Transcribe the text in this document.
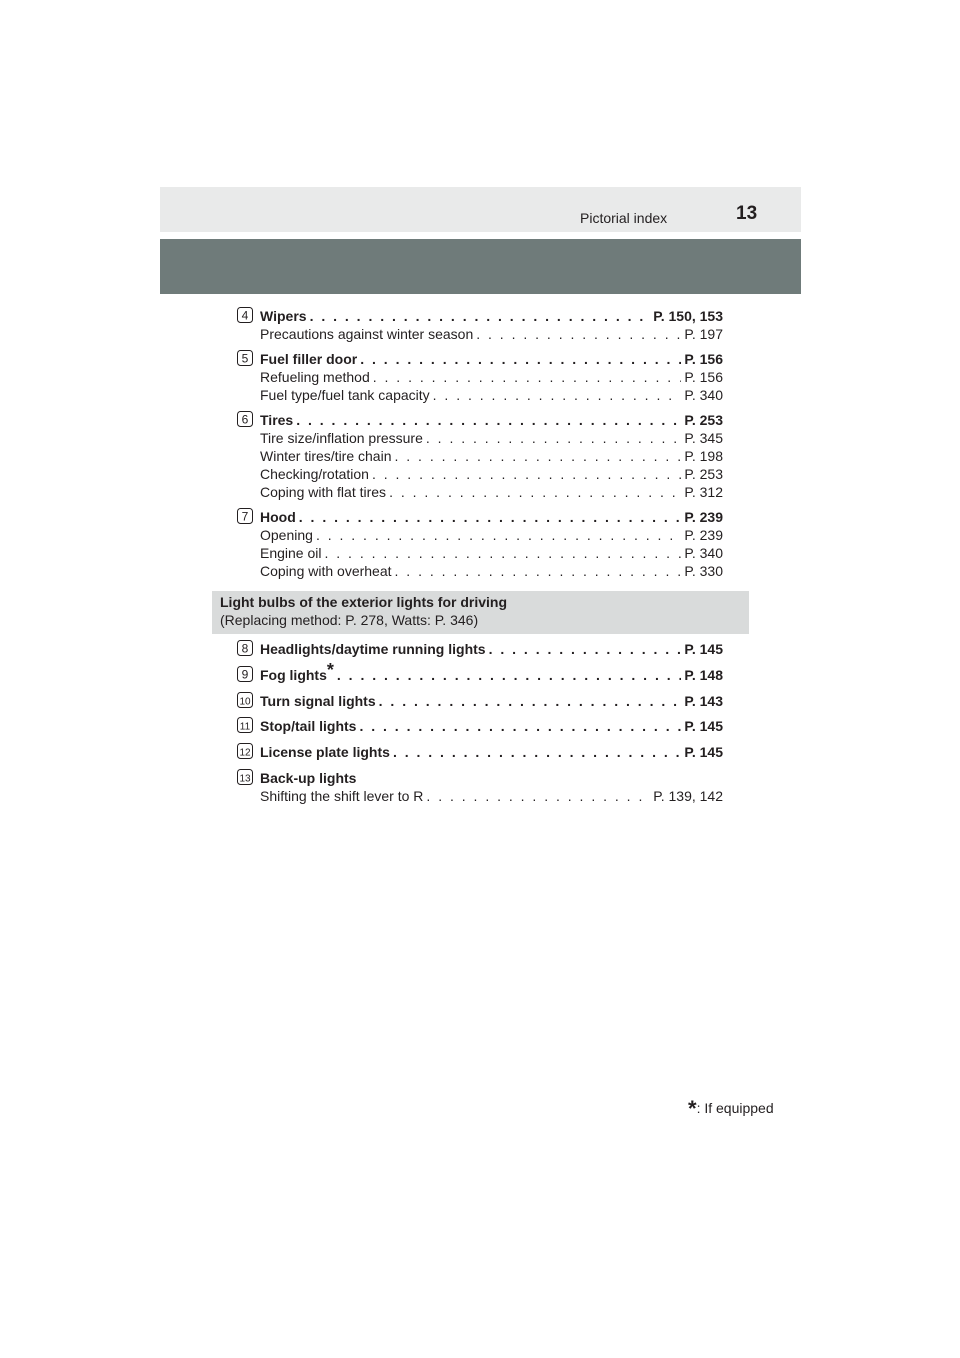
Pictorial index	13
4 Wipers . . .	P. 150, 153
Precautions against winter season . . .	P. 197
5 Fuel filler door . . .	P. 156
Refueling method . . .	P. 156
Fuel type/fuel tank capacity . . .	P. 340
6 Tires . . .	P. 253
Tire size/inflation pressure . . .	P. 345
Winter tires/tire chain . . .	P. 198
Checking/rotation . . .	P. 253
Coping with flat tires . . .	P. 312
7 Hood . . .	P. 239
Opening . . .	P. 239
Engine oil . . .	P. 340
Coping with overheat . . .	P. 330
Light bulbs of the exterior lights for driving
(Replacing method: P. 278, Watts: P. 346)
8 Headlights/daytime running lights . . .	P. 145
9 Fog lights* . . .	P. 148
10 Turn signal lights . . .	P. 143
11 Stop/tail lights . . .	P. 145
12 License plate lights . . .	P. 145
13 Back-up lights
Shifting the shift lever to R . . .	P. 139, 142
*: If equipped
